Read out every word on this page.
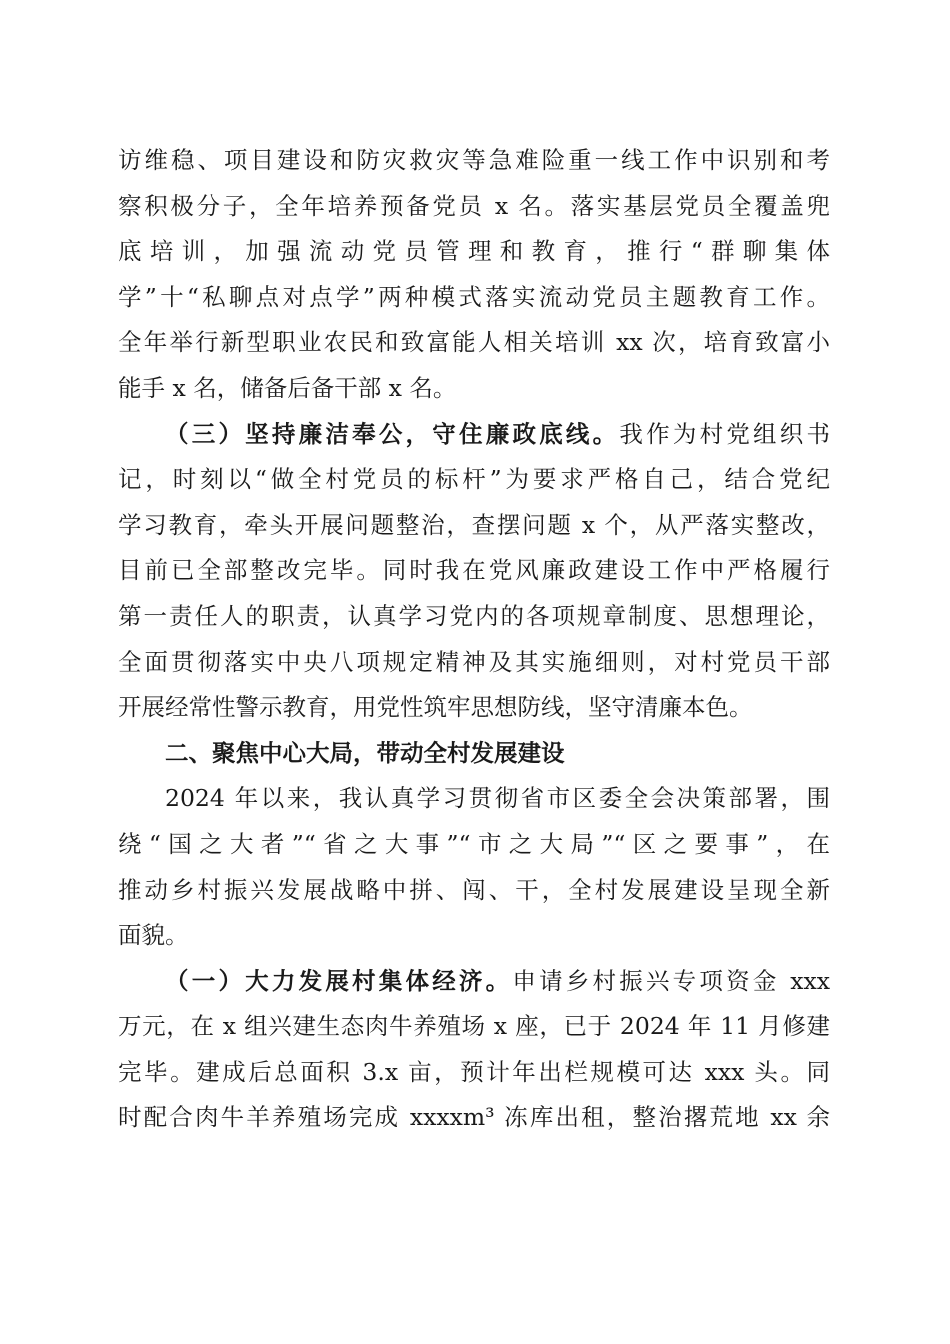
访维稳、项目建设和防灾救灾等急难险重一线工作中识别和考
察积极分子，全年培养预备党员 x 名。落实基层党员全覆盖兜
底培训，加强流动党员管理和教育，推行“群聊集体
学”十“私聊点对点学”两种模式落实流动党员主题教育工作。
全年举行新型职业农民和致富能人相关培训 xx 次，培育致富小
能手 x 名，储备后备干部 x 名。
（三）坚持廉洁奉公，守住廉政底线。我作为村党组织书
记，时刻以“做全村党员的标杆”为要求严格自己，结合党纪
学习教育，牵头开展问题整治，查摆问题 x 个，从严落实整改，
目前已全部整改完毕。同时我在党风廉政建设工作中严格履行
第一责任人的职责，认真学习党内的各项规章制度、思想理论，
全面贯彻落实中央八项规定精神及其实施细则，对村党员干部
开展经常性警示教育，用党性筑牢思想防线，坚守清廉本色。
二、聚焦中心大局，带动全村发展建设
2024 年以来，我认真学习贯彻省市区委全会决策部署，围
绕“国之大者”“省之大事”“市之大局”“区之要事”，在
推动乡村振兴发展战略中拼、闯、干，全村发展建设呈现全新
面貌。
（一）大力发展村集体经济。申请乡村振兴专项资金 xxx
万元，在 x 组兴建生态肉牛养殖场 x 座，已于 2024 年 11 月修建
完毕。建成后总面积 3.x 亩，预计年出栏规模可达 xxx 头。同
时配合肉牛羊养殖场完成 xxxxm³ 冻库出租，整治撂荒地 xx 余
